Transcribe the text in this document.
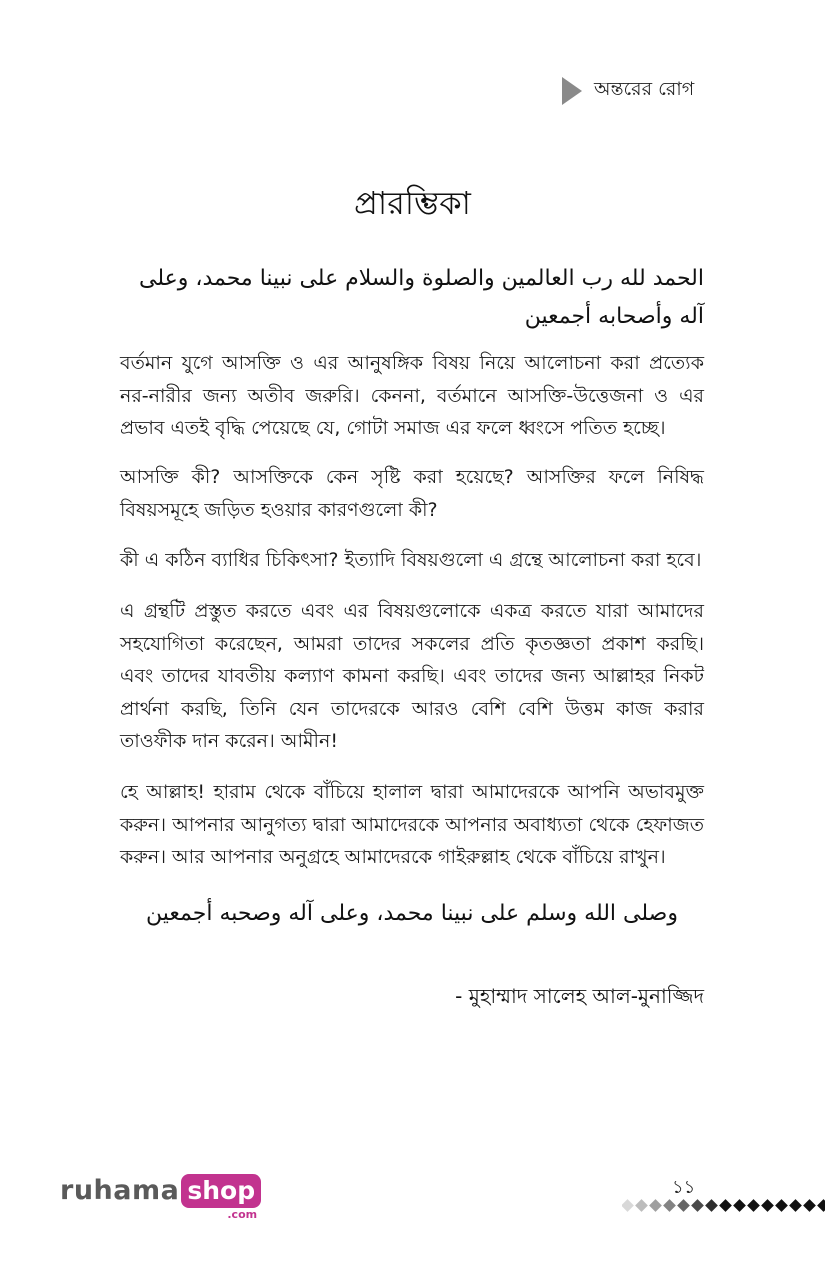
অন্তরের রোগ
প্রারম্ভিকা
الحمد لله رب العالمين والصلوة والسلام على نبينا محمد، وعلى آله وأصحابه أجمعين

বর্তমান যুগে আসক্তি ও এর আনুষঙ্গিক বিষয় নিয়ে আলোচনা করা প্রত্যেক নর-নারীর জন্য অতীব জরুরি। কেননা, বর্তমানে আসক্তি-উত্তেজনা ও এর প্রভাব এতই বৃদ্ধি পেয়েছে যে, গোটা সমাজ এর ফলে ধ্বংসে পতিত হচ্ছে।

আসক্তি কী? আসক্তিকে কেন সৃষ্টি করা হয়েছে? আসক্তির ফলে নিষিদ্ধ বিষয়সমূহে জড়িত হওয়ার কারণগুলো কী?

কী এ কঠিন ব্যাধির চিকিৎসা? ইত্যাদি বিষয়গুলো এ গ্রন্থে আলোচনা করা হবে।

এ গ্রন্থটি প্রস্তুত করতে এবং এর বিষয়গুলোকে একত্র করতে যারা আমাদের সহযোগিতা করেছেন, আমরা তাদের সকলের প্রতি কৃতজ্ঞতা প্রকাশ করছি। এবং তাদের যাবতীয় কল্যাণ কামনা করছি। এবং তাদের জন্য আল্লাহর নিকট প্রার্থনা করছি, তিনি যেন তাদেরকে আরও বেশি বেশি উত্তম কাজ করার তাওফীক দান করেন। আমীন!

হে আল্লাহ! হারাম থেকে বাঁচিয়ে হালাল দ্বারা আমাদেরকে আপনি অভাবমুক্ত করুন। আপনার আনুগত্য দ্বারা আমাদেরকে আপনার অবাধ্যতা থেকে হেফাজত করুন। আর আপনার অনুগ্রহে আমাদেরকে গাইরুল্লাহ থেকে বাঁচিয়ে রাখুন।

وصلى الله وسلم على نبينا محمد، وعلى آله وصحبه أجمعين
- মুহাম্মাদ সালেহ আল-মুনাজ্জিদ
ruhama shop
.com
১১
